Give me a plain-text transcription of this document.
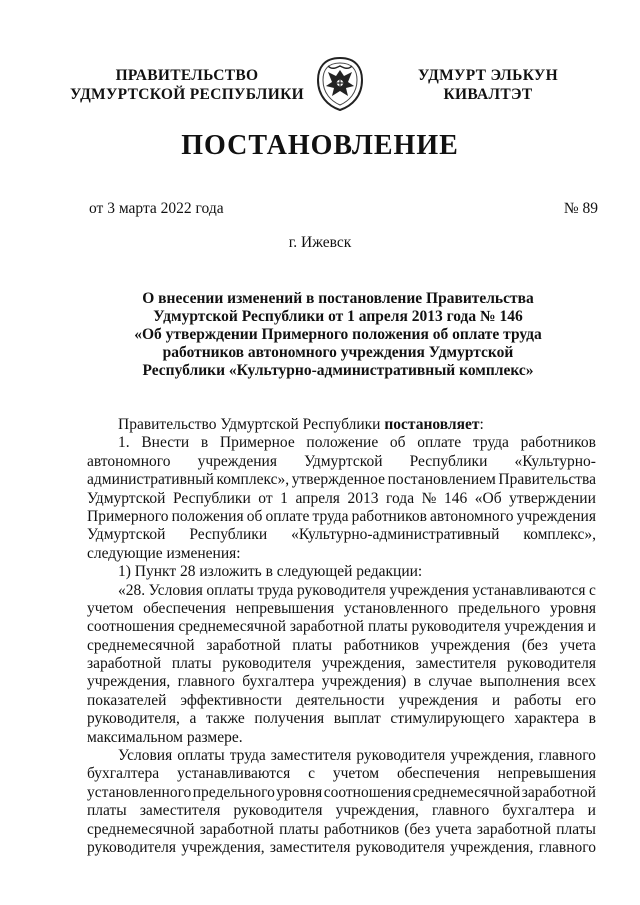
ПРАВИТЕЛЬСТВО
УДМУРТСКОЙ РЕСПУБЛИКИ
УДМУРТ ЭЛЬКУН
КИВАЛТЭТ
ПОСТАНОВЛЕНИЕ
от 3 марта 2022 года	№ 89
г. Ижевск
О внесении изменений в постановление Правительства
Удмуртской Республики от 1 апреля 2013 года № 146
«Об утверждении Примерного положения об оплате труда
работников автономного учреждения Удмуртской
Республики «Культурно-административный комплекс»
Правительство Удмуртской Республики постановляет:
1. Внести в Примерное положение об оплате труда работников
автономного учреждения Удмуртской Республики «Культурно-
административный комплекс», утвержденное постановлением Правительства
Удмуртской Республики от 1 апреля 2013 года № 146 «Об утверждении
Примерного положения об оплате труда работников автономного учреждения
Удмуртской Республики «Культурно-административный комплекс»,
следующие изменения:
1) Пункт 28 изложить в следующей редакции:
«28. Условия оплаты труда руководителя учреждения устанавливаются с
учетом обеспечения непревышения установленного предельного уровня
соотношения среднемесячной заработной платы руководителя учреждения и
среднемесячной заработной платы работников учреждения (без учета
заработной платы руководителя учреждения, заместителя руководителя
учреждения, главного бухгалтера учреждения) в случае выполнения всех
показателей эффективности деятельности учреждения и работы его
руководителя, а также получения выплат стимулирующего характера в
максимальном размере.
Условия оплаты труда заместителя руководителя учреждения, главного
бухгалтера устанавливаются с учетом обеспечения непревышения
установленного предельного уровня соотношения среднемесячной заработной
платы заместителя руководителя учреждения, главного бухгалтера и
среднемесячной заработной платы работников (без учета заработной платы
руководителя учреждения, заместителя руководителя учреждения, главного
